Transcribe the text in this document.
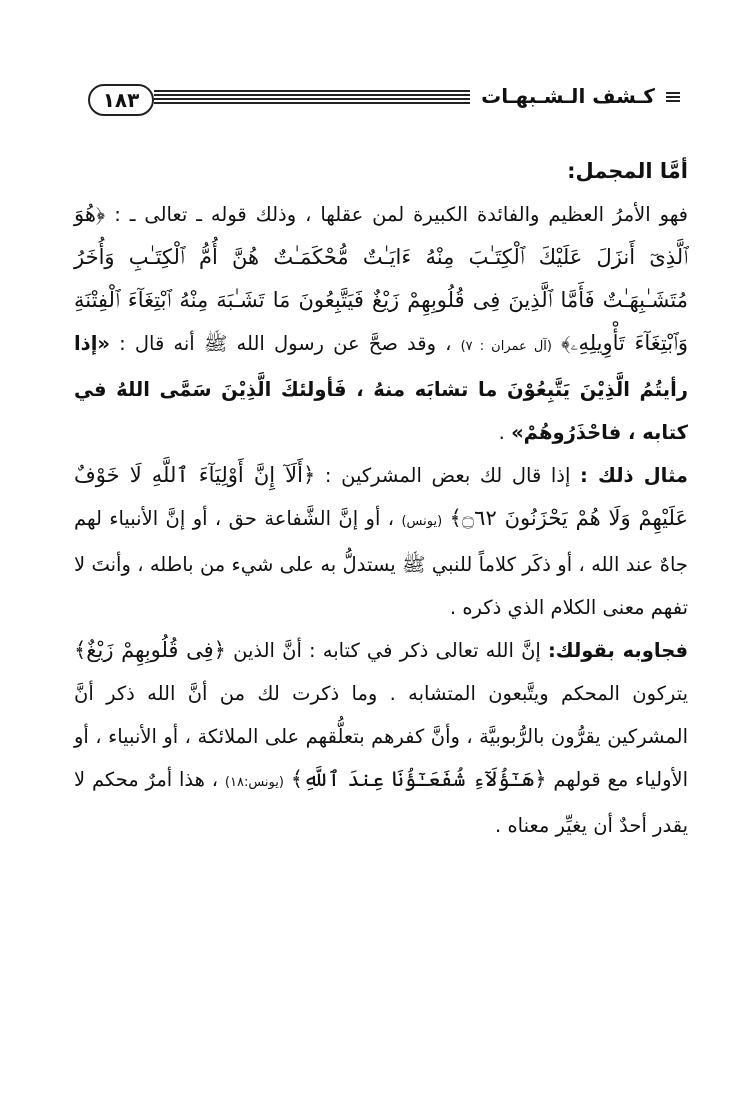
١٨٣	كـشف الـشـبهـات

أمَّا المجمل:

فهو الأمرُ العظيم والفائدة الكبيرة لمن عقلها ، وذلك قوله ـ تعالى ـ : ﴿هُوَ ٱلَّذِىٓ أَنزَلَ عَلَيْكَ ٱلْكِتَـٰبَ مِنْهُ ءَايَـٰتٌ مُّحْكَمَـٰتٌ هُنَّ أُمُّ ٱلْكِتَـٰبِ وَأُخَرُ مُتَشَـٰبِهَـٰتٌ فَأَمَّا ٱلَّذِينَ فِى قُلُوبِهِمْ زَيْغٌ فَيَتَّبِعُونَ مَا تَشَـٰبَهَ مِنْهُ ٱبْتِغَآءَ ٱلْفِتْنَةِ وَٱبْتِغَآءَ تَأْوِيلِهِۦ﴾ (آل عمران : ٧) ، وقد صحَّ عن رسول الله ﷺ أنه قال : «إذا رأيتُمُ الَّذِيْنَ يَتَّبِعُوْنَ ما تشابَه منهُ ، فَأولئكَ الَّذِيْنَ سَمَّى اللهُ في كتابه ، فاحْذَرُوهُمْ» .

مثال ذلك : إذا قال لك بعض المشركين : ﴿أَلَآ إِنَّ أَوْلِيَآءَ ٱللَّهِ لَا خَوْفٌ عَلَيْهِمْ وَلَا هُمْ يَحْزَنُونَ ۝٦٢﴾ (يونس) ، أو إنَّ الشَّفاعة حق ، أو إنَّ الأنبياء لهم جاهٌ عند الله ، أو ذكَر كلاماً للنبي ﷺ يستدلُّ به على شيء من باطله ، وأنتَ لا تفهم معنى الكلام الذي ذكره .

فجاوبه بقولك: إنَّ الله تعالى ذكر في كتابه : أنَّ الذين ﴿فِى قُلُوبِهِمْ زَيْغٌ﴾ يتركون المحكم ويتَّبعون المتشابه . وما ذكرت لك من أنَّ الله ذكر أنَّ المشركين يقرُّون بالرُّبوبيَّة ، وأنَّ كفرهم بتعلُّقهم على الملائكة ، أو الأنبياء ، أو الأولياء مع قولهم ﴿هَـٰٓؤُلَآءِ شُفَعَـٰٓؤُنَا عِندَ ٱللَّهِ﴾ (يونس:١٨) ، هذا أمرٌ محكم لا يقدر أحدٌ أن يغيِّر معناه .
